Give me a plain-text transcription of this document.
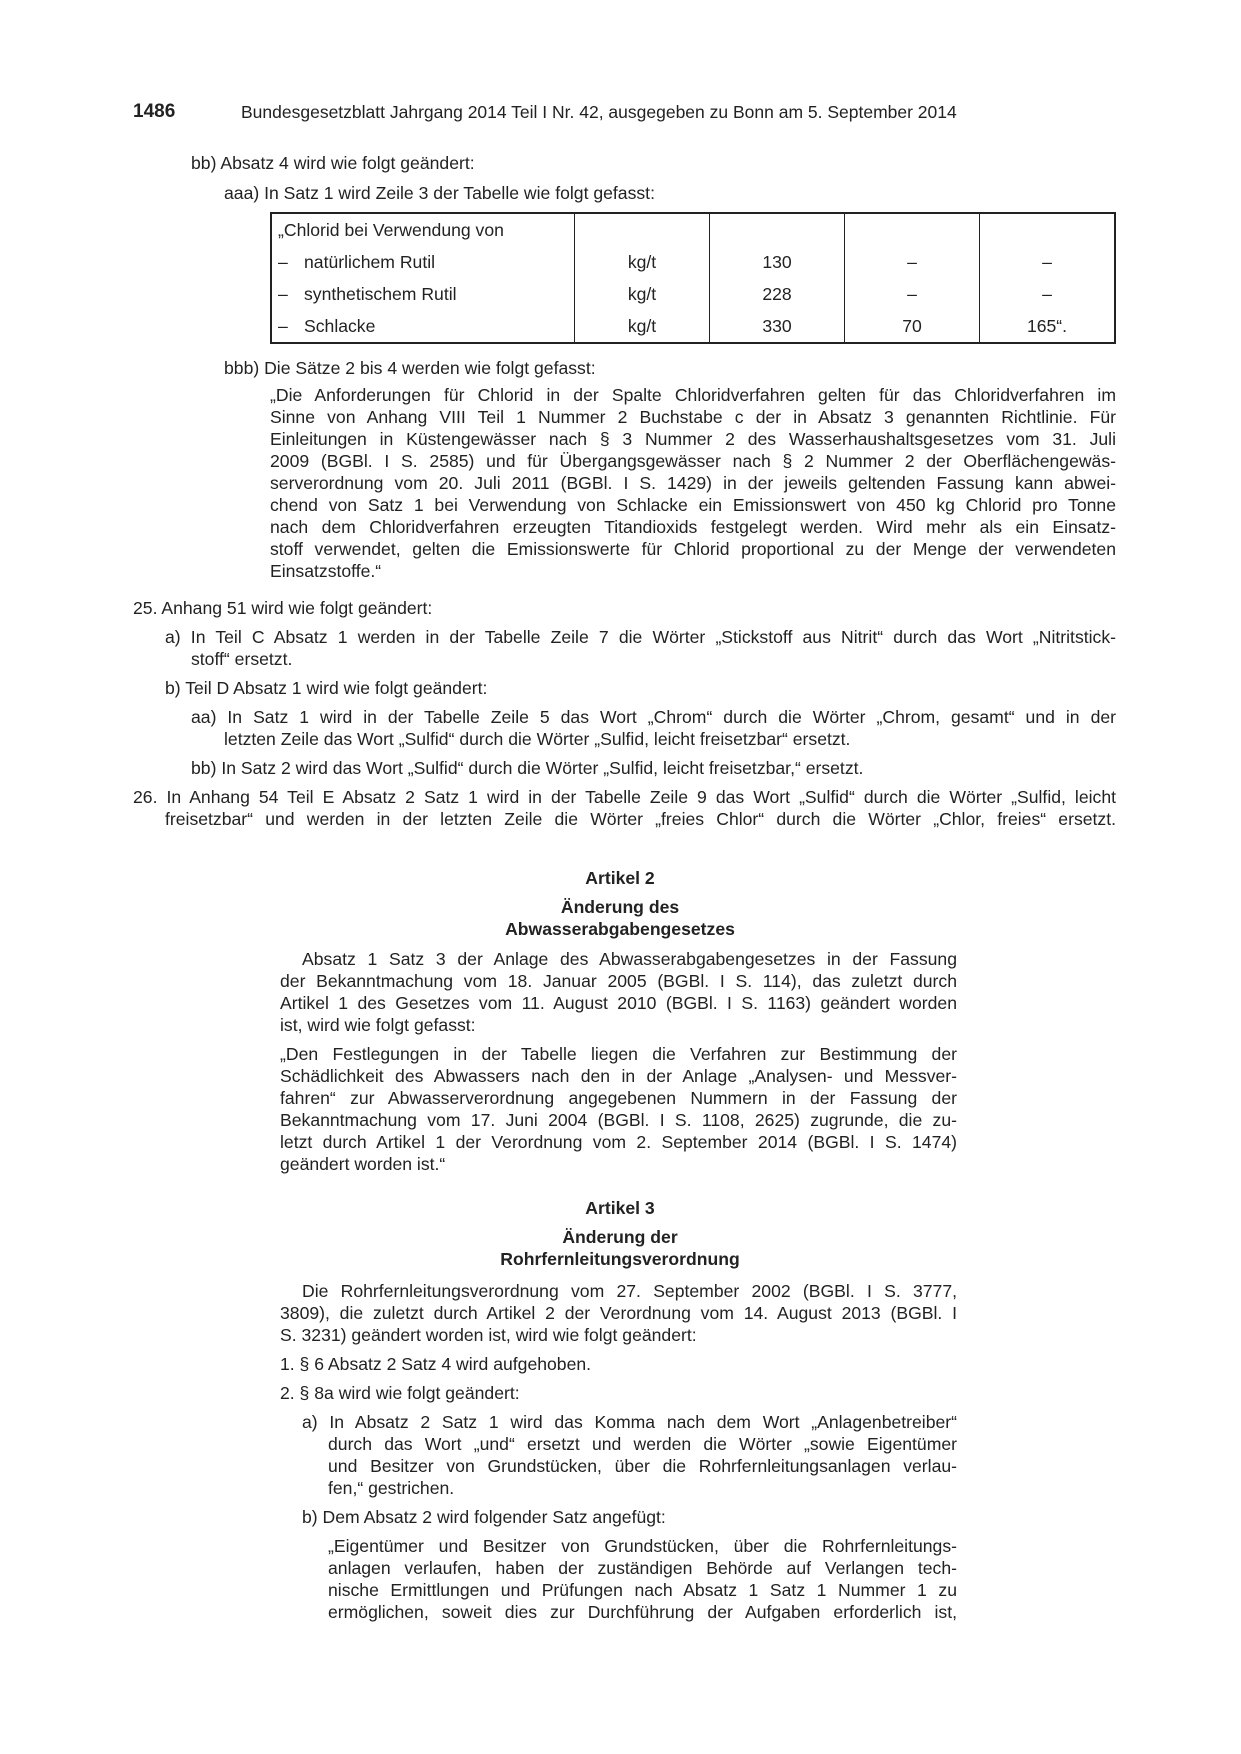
1486	Bundesgesetzblatt Jahrgang 2014 Teil I Nr. 42, ausgegeben zu Bonn am 5. September 2014
bb) Absatz 4 wird wie folgt geändert:
aaa) In Satz 1 wird Zeile 3 der Tabelle wie folgt gefasst:
„Chlorid bei Verwendung von				
– natürlichem Rutil	kg/t	130	–	–
– synthetischem Rutil	kg/t	228	–	–
– Schlacke	kg/t	330	70	165“.
bbb) Die Sätze 2 bis 4 werden wie folgt gefasst:
„Die Anforderungen für Chlorid in der Spalte Chloridverfahren gelten für das Chloridverfahren im
Sinne von Anhang VIII Teil 1 Nummer 2 Buchstabe c der in Absatz 3 genannten Richtlinie. Für
Einleitungen in Küstengewässer nach § 3 Nummer 2 des Wasserhaushaltsgesetzes vom 31. Juli
2009 (BGBl. I S. 2585) und für Übergangsgewässer nach § 2 Nummer 2 der Oberflächengewäs-
serverordnung vom 20. Juli 2011 (BGBl. I S. 1429) in der jeweils geltenden Fassung kann abwei-
chend von Satz 1 bei Verwendung von Schlacke ein Emissionswert von 450 kg Chlorid pro Tonne
nach dem Chloridverfahren erzeugten Titandioxids festgelegt werden. Wird mehr als ein Einsatz-
stoff verwendet, gelten die Emissionswerte für Chlorid proportional zu der Menge der verwendeten
Einsatzstoffe.“
25. Anhang 51 wird wie folgt geändert:
a) In Teil C Absatz 1 werden in der Tabelle Zeile 7 die Wörter „Stickstoff aus Nitrit“ durch das Wort „Nitritstick-
stoff“ ersetzt.
b) Teil D Absatz 1 wird wie folgt geändert:
aa) In Satz 1 wird in der Tabelle Zeile 5 das Wort „Chrom“ durch die Wörter „Chrom, gesamt“ und in der
letzten Zeile das Wort „Sulfid“ durch die Wörter „Sulfid, leicht freisetzbar“ ersetzt.
bb) In Satz 2 wird das Wort „Sulfid“ durch die Wörter „Sulfid, leicht freisetzbar,“ ersetzt.
26. In Anhang 54 Teil E Absatz 2 Satz 1 wird in der Tabelle Zeile 9 das Wort „Sulfid“ durch die Wörter „Sulfid, leicht
freisetzbar“ und werden in der letzten Zeile die Wörter „freies Chlor“ durch die Wörter „Chlor, freies“ ersetzt.
Artikel 2
Änderung des
Abwasserabgabengesetzes
Absatz 1 Satz 3 der Anlage des Abwasserabgabengesetzes in der Fassung
der Bekanntmachung vom 18. Januar 2005 (BGBl. I S. 114), das zuletzt durch
Artikel 1 des Gesetzes vom 11. August 2010 (BGBl. I S. 1163) geändert worden
ist, wird wie folgt gefasst:
„Den Festlegungen in der Tabelle liegen die Verfahren zur Bestimmung der
Schädlichkeit des Abwassers nach den in der Anlage „Analysen- und Messver-
fahren“ zur Abwasserverordnung angegebenen Nummern in der Fassung der
Bekanntmachung vom 17. Juni 2004 (BGBl. I S. 1108, 2625) zugrunde, die zu-
letzt durch Artikel 1 der Verordnung vom 2. September 2014 (BGBl. I S. 1474)
geändert worden ist.“
Artikel 3
Änderung der
Rohrfernleitungsverordnung
Die Rohrfernleitungsverordnung vom 27. September 2002 (BGBl. I S. 3777,
3809), die zuletzt durch Artikel 2 der Verordnung vom 14. August 2013 (BGBl. I
S. 3231) geändert worden ist, wird wie folgt geändert:
1. § 6 Absatz 2 Satz 4 wird aufgehoben.
2. § 8a wird wie folgt geändert:
a) In Absatz 2 Satz 1 wird das Komma nach dem Wort „Anlagenbetreiber“
durch das Wort „und“ ersetzt und werden die Wörter „sowie Eigentümer
und Besitzer von Grundstücken, über die Rohrfernleitungsanlagen verlau-
fen,“ gestrichen.
b) Dem Absatz 2 wird folgender Satz angefügt:
„Eigentümer und Besitzer von Grundstücken, über die Rohrfernleitungs-
anlagen verlaufen, haben der zuständigen Behörde auf Verlangen tech-
nische Ermittlungen und Prüfungen nach Absatz 1 Satz 1 Nummer 1 zu
ermöglichen, soweit dies zur Durchführung der Aufgaben erforderlich ist,
